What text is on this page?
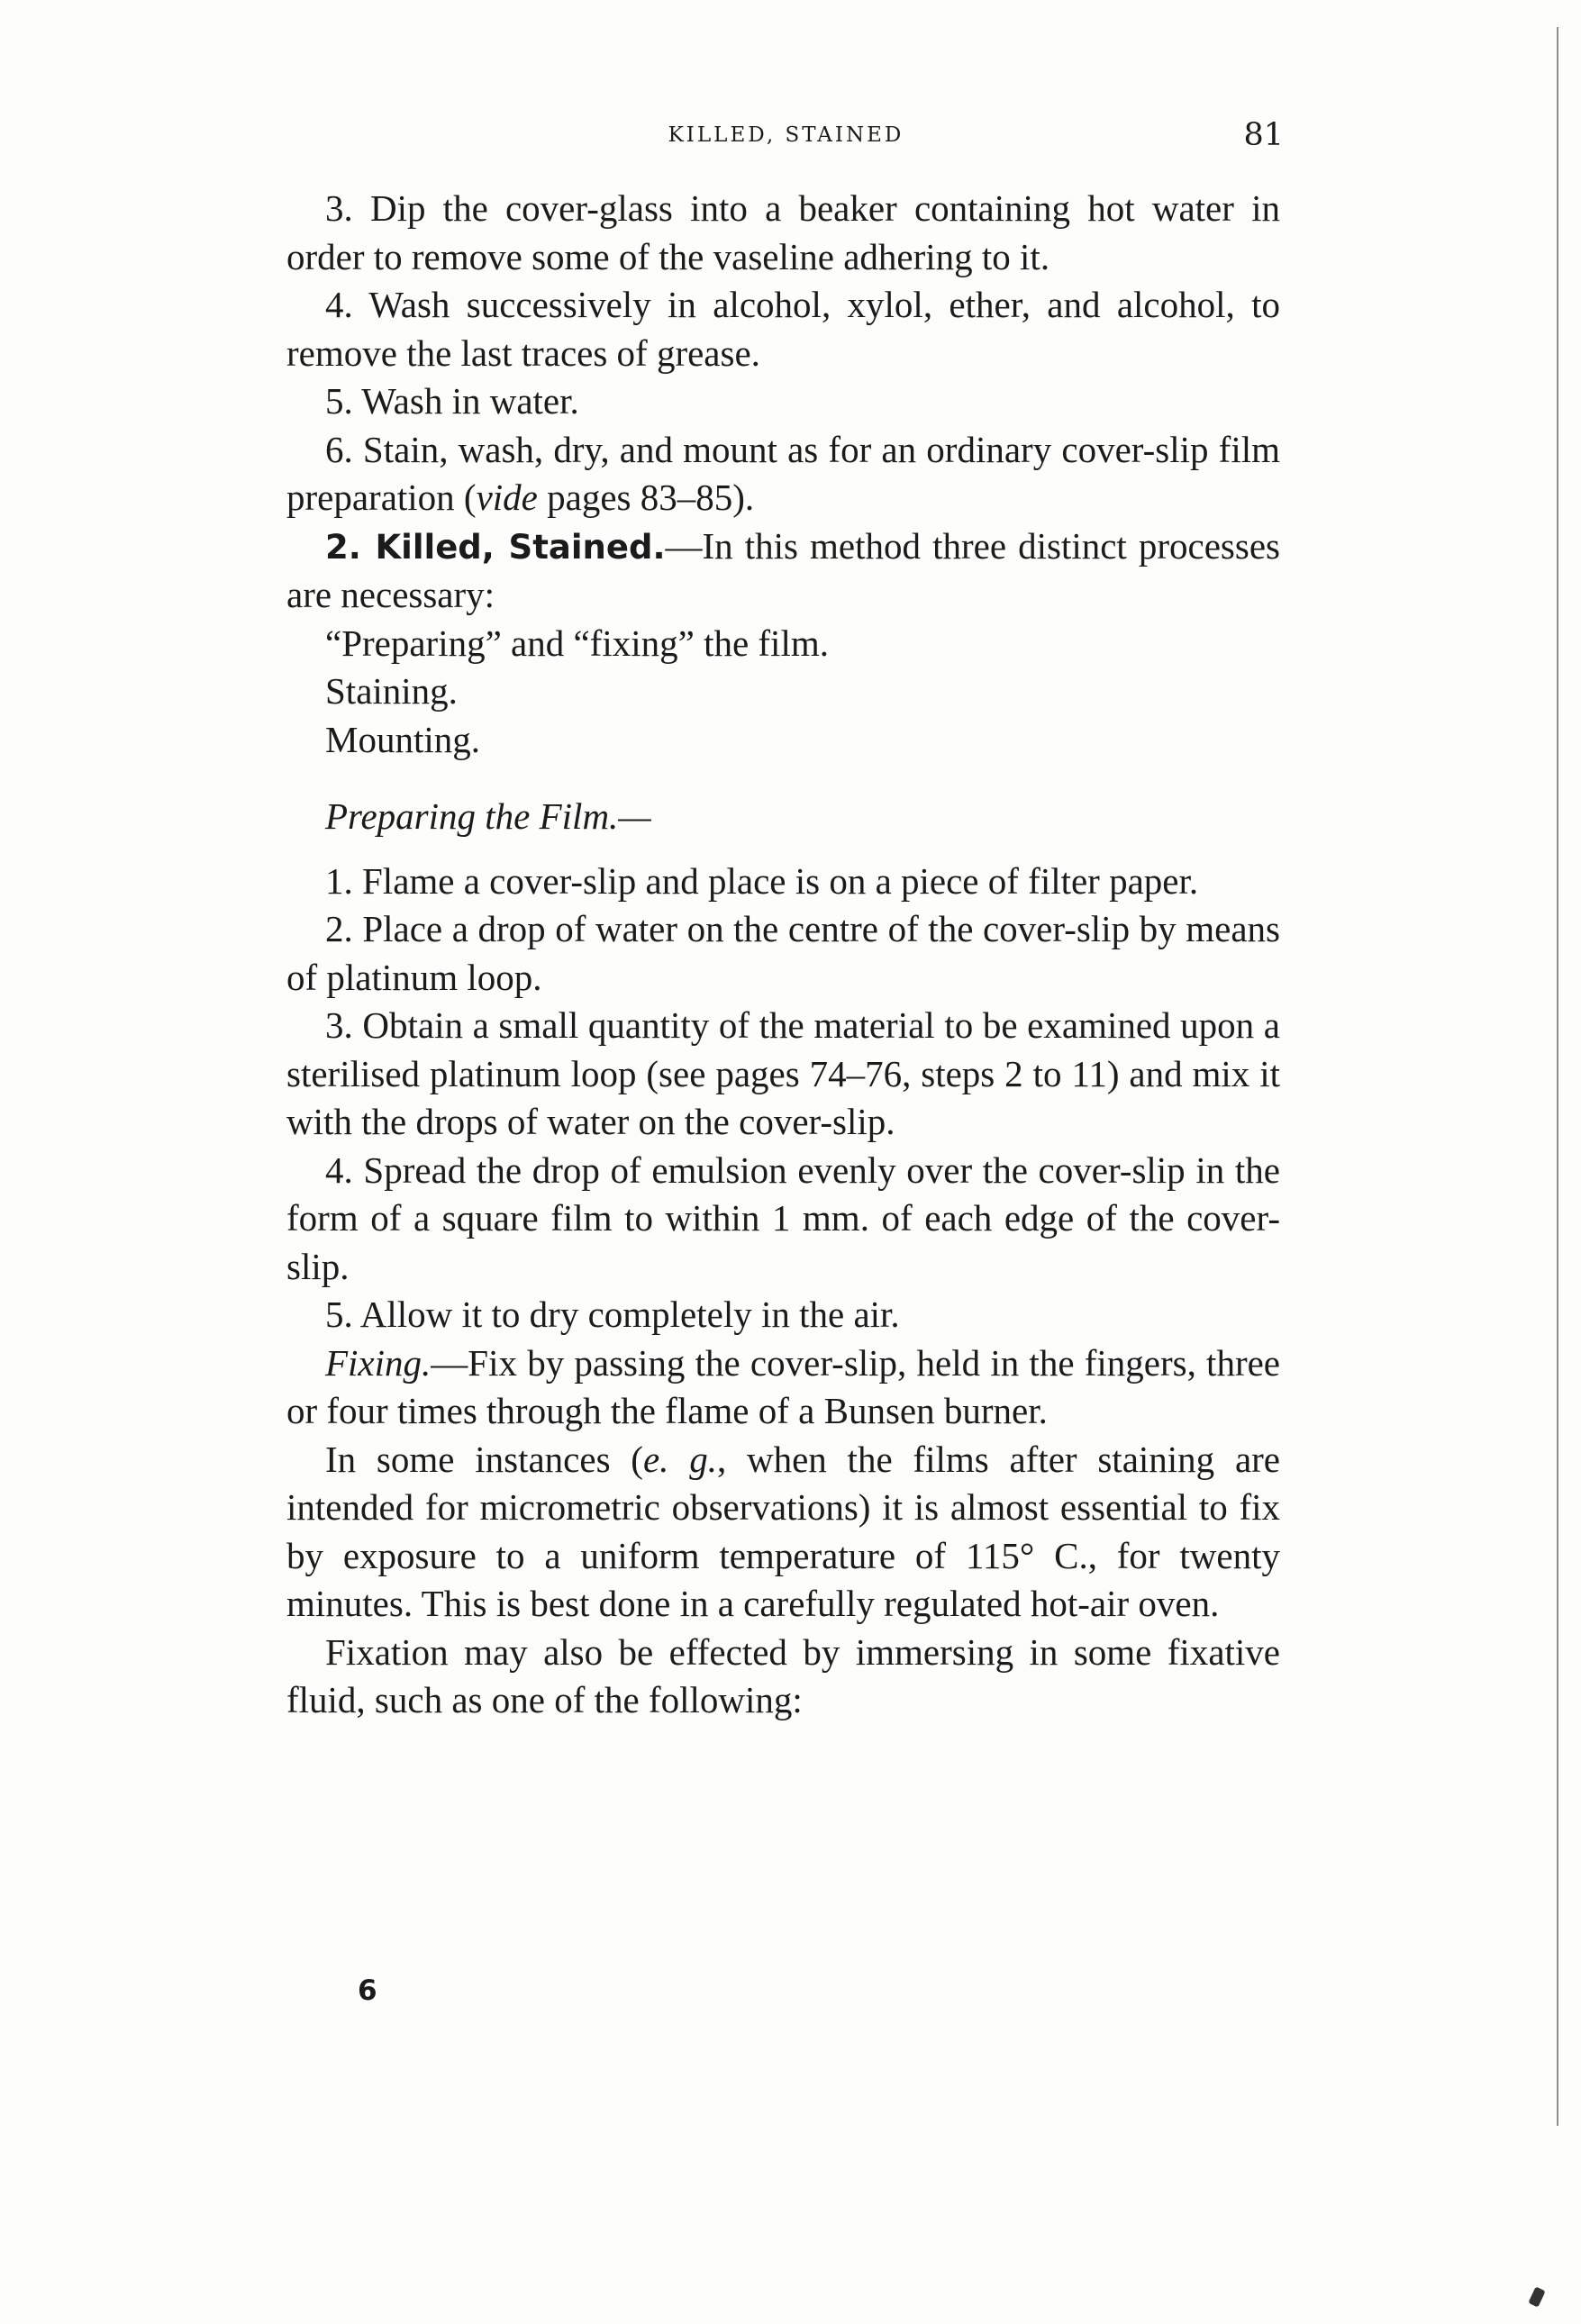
KILLED, STAINED	81

3. Dip the cover-glass into a beaker containing hot water in order to remove some of the vaseline adhering to it.

4. Wash successively in alcohol, xylol, ether, and alcohol, to remove the last traces of grease.

5. Wash in water.

6. Stain, wash, dry, and mount as for an ordinary cover-slip film preparation (vide pages 83–85).

2. Killed, Stained.—In this method three distinct processes are necessary:

“Preparing” and “fixing” the film.
Staining.
Mounting.
Preparing the Film.—

1. Flame a cover-slip and place is on a piece of filter paper.

2. Place a drop of water on the centre of the cover-slip by means of platinum loop.

3. Obtain a small quantity of the material to be examined upon a sterilised platinum loop (see pages 74–76, steps 2 to 11) and mix it with the drops of water on the cover-slip.

4. Spread the drop of emulsion evenly over the cover-slip in the form of a square film to within 1 mm. of each edge of the cover-slip.

5. Allow it to dry completely in the air.

Fixing.—Fix by passing the cover-slip, held in the fingers, three or four times through the flame of a Bunsen burner.

In some instances (e. g., when the films after staining are intended for micrometric observations) it is almost essential to fix by exposure to a uniform temperature of 115° C., for twenty minutes. This is best done in a carefully regulated hot-air oven.

Fixation may also be effected by immersing in some fixative fluid, such as one of the following:

6
